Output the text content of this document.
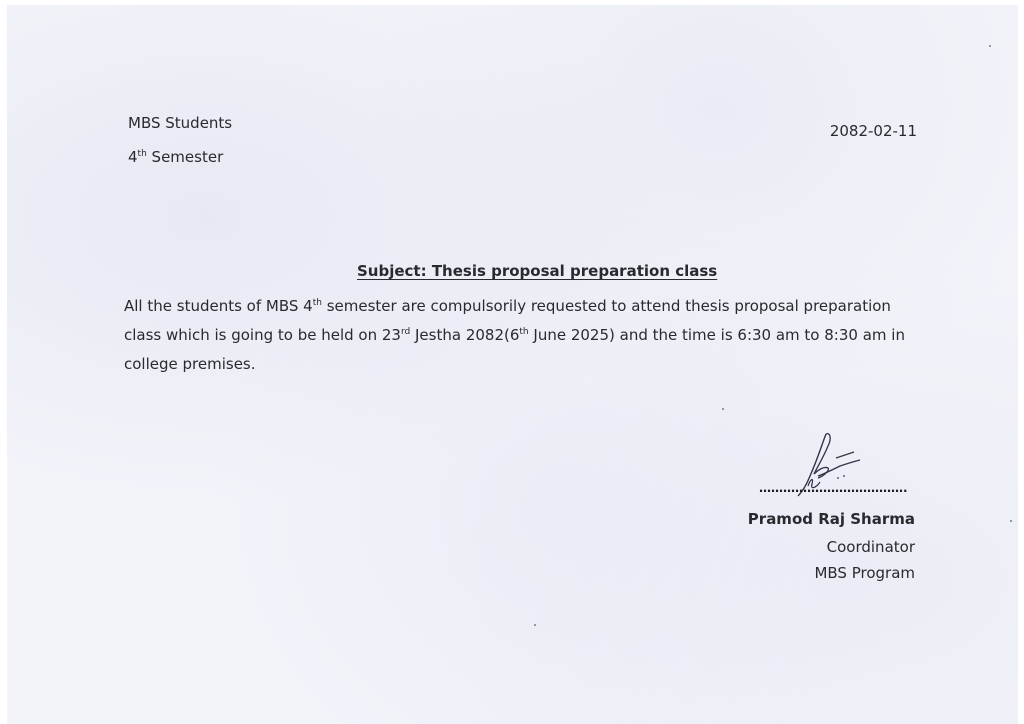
MBS Students
4th Semester
2082-02-11
Subject: Thesis proposal preparation class
All the students of MBS 4th semester are compulsorily requested to attend thesis proposal preparation
class which is going to be held on 23rd Jestha 2082(6th June 2025) and the time is 6:30 am to 8:30 am in
college premises.
……………………………….
Pramod Raj Sharma
Coordinator
MBS Program
